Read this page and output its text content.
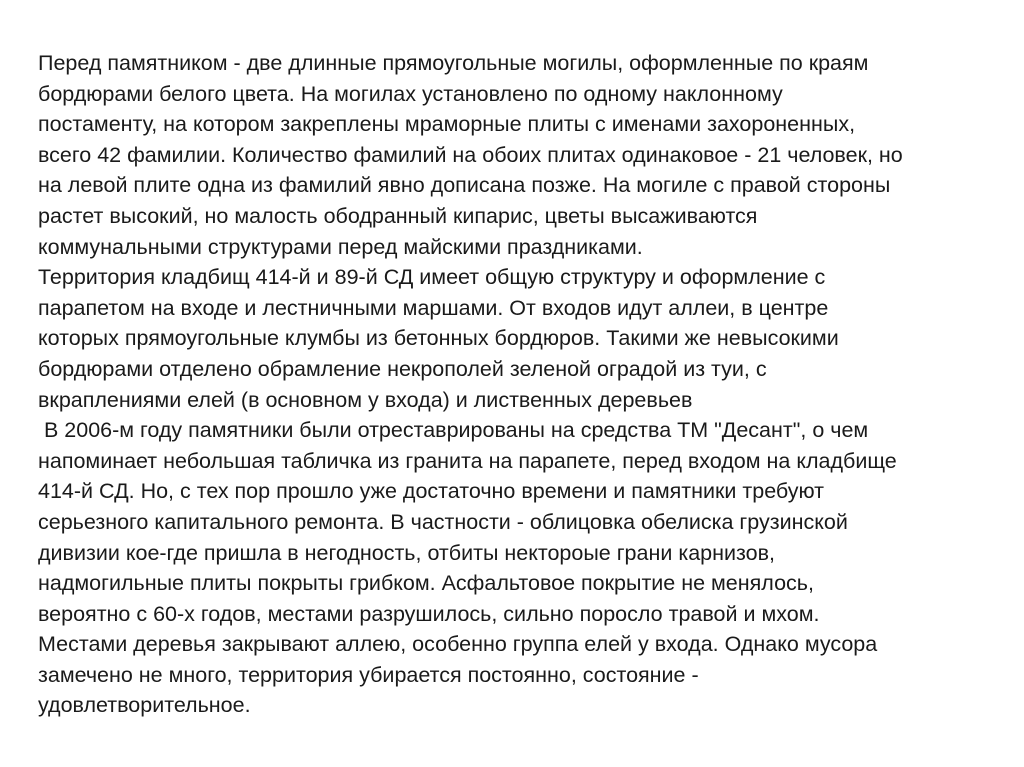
Перед памятником - две длинные прямоугольные могилы, оформленные по краям
бордюрами белого цвета. На могилах установлено по одному наклонному
постаменту, на котором закреплены мраморные плиты с именами захороненных,
всего 42 фамилии. Количество фамилий на обоих плитах одинаковое - 21 человек, но
на левой плите одна из фамилий явно дописана позже. На могиле с правой стороны
растет высокий, но малость ободранный кипарис, цветы высаживаются
коммунальными структурами перед майскими праздниками.
Территория кладбищ 414-й и 89-й СД имеет общую структуру и оформление с
парапетом на входе и лестничными маршами. От входов идут аллеи, в центре
которых прямоугольные клумбы из бетонных бордюров. Такими же невысокими
бордюрами отделено обрамление некрополей зеленой оградой из туи, с
вкраплениями елей (в основном у входа) и лиственных деревьев
В 2006-м году памятники были отреставрированы на средства ТМ "Десант", о чем
напоминает небольшая табличка из гранита на парапете, перед входом на кладбище
414-й СД. Но, с тех пор прошло уже достаточно времени и памятники требуют
серьезного капитального ремонта. В частности - облицовка обелиска грузинской
дивизии кое-где пришла в негодность, отбиты некторoые грани карнизов,
надмогильные плиты покрыты грибком. Асфальтовое покрытие не менялось,
вероятно с 60-х годов, местами разрушилось, сильно поросло травой и мхом.
Местами деревья закрывают аллею, особенно группа елей у входа. Однако мусора
замечено не много, территория убирается постоянно, состояние -
удовлетворительное.
